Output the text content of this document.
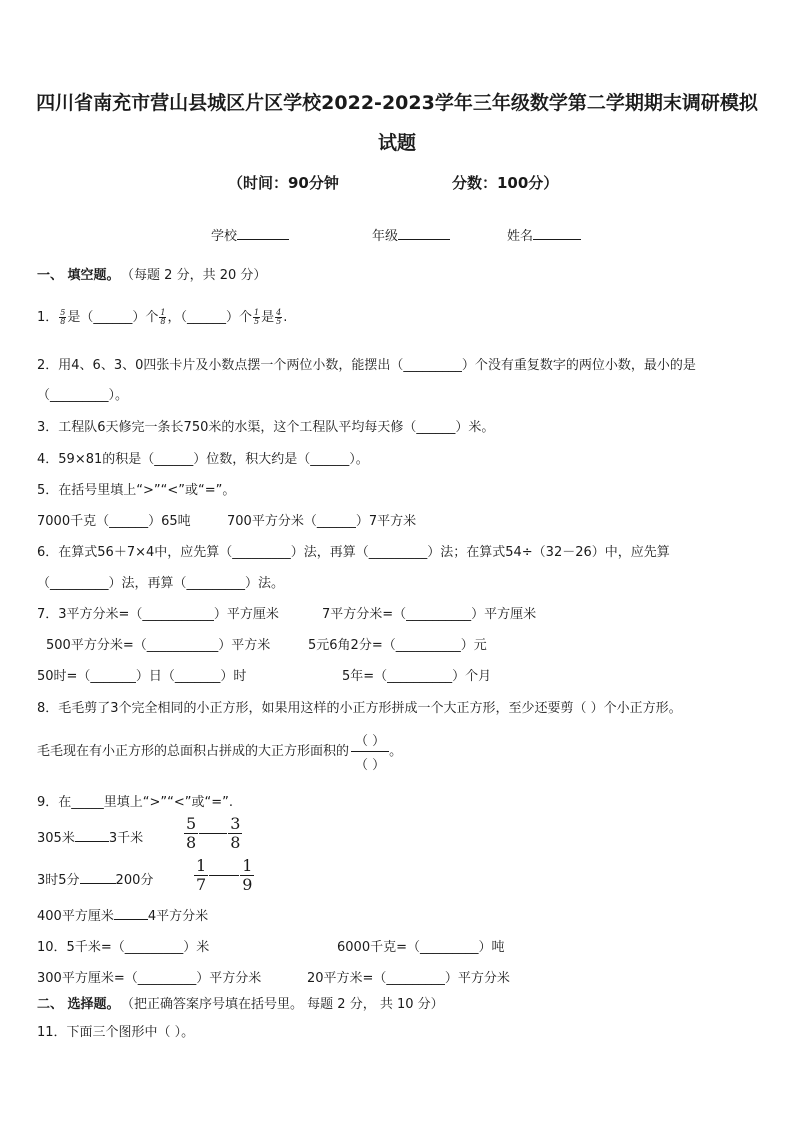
四川省南充市营山县城区片区学校2022-2023学年三年级数学第二学期期末调研模拟
试题
（时间：90分钟	分数：100分）
学校	年级	姓名
一、 填空题。 （每题 2 分，共 20 分）
1． $\frac{5}{8}$ 是（______）个 $\frac{1}{8}$ ，（______）个 $\frac{1}{5}$ 是 $\frac{4}{5}$ .
2．用4、6、3、0四张卡片及小数点摆一个两位小数，能摆出（_________）个没有重复数字的两位小数，最小的是
（_________）。
3．工程队6天修完一条长750米的水渠，这个工程队平均每天修（______）米。
4．59×81的积是（______）位数，积大约是（______）。
5．在括号里填上“>”“<”或“=”。
7000千克（______）65吨	700平方分米（______）7平方米
6．在算式56＋7×4中，应先算（_________）法，再算（_________）法；在算式54÷（32－26）中，应先算
（_________）法，再算（_________）法。
7．3平方分米=（___________）平方厘米	7平方分米=（__________）平方厘米
500平方分米=（___________）平方米	5元6角2分=（__________）元
50时=（_______）日（_______）时	5年=（__________）个月
8．毛毛剪了3个完全相同的小正方形，如果用这样的小正方形拼成一个大正方形，至少还要剪（ ）个小正方形。
毛毛现在有小正方形的总面积占拼成的大正方形面积的
（ ）
（ ）
。
9．在_____里填上“>”“<”或“=”.
305米	3千米	$\frac{5}{8} \frac{3}{8}$
3时5分	200分	$\frac{1}{7} \frac{1}{9}$
400平方厘米	4平方分米
10．5千米=（_________）米	6000千克=（_________）吨
300平方厘米=（_________）平方分米	20平方米=（_________）平方分米
二、 选择题。 （把正确答案序号填在括号里。 每题 2 分， 共 10 分）
11．下面三个图形中（ ）。
